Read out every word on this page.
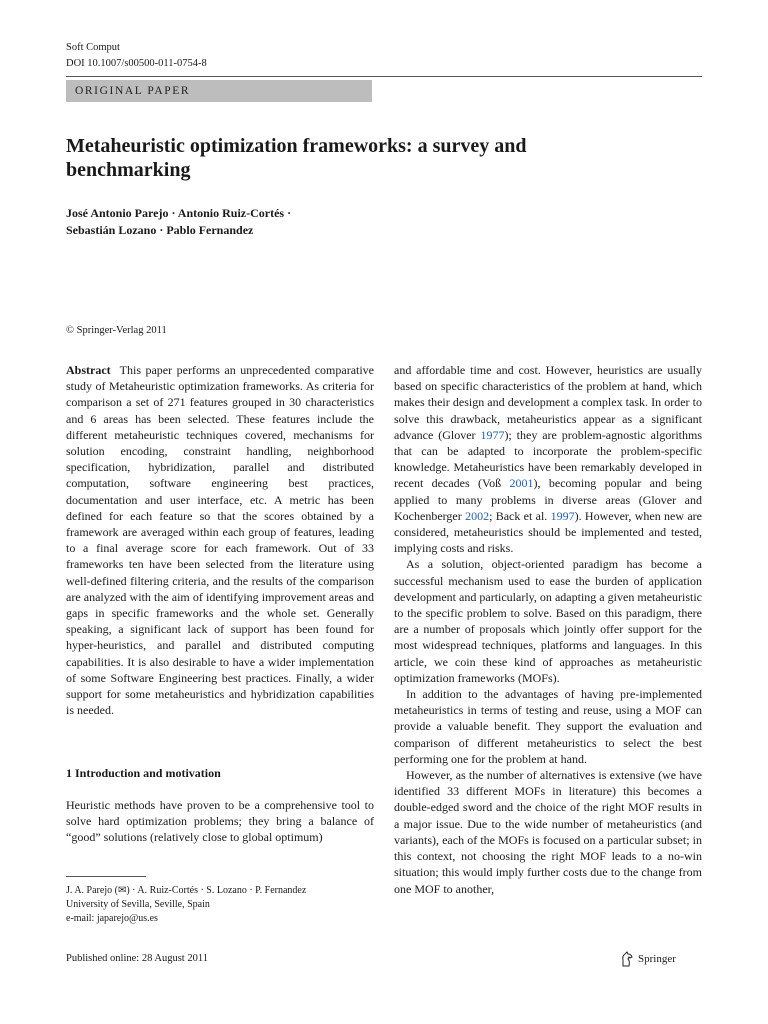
Soft Comput
DOI 10.1007/s00500-011-0754-8
ORIGINAL PAPER
Metaheuristic optimization frameworks: a survey and benchmarking
José Antonio Parejo · Antonio Ruiz-Cortés ·
Sebastián Lozano · Pablo Fernandez
© Springer-Verlag 2011

Abstract This paper performs an unprecedented comparative study of Metaheuristic optimization frameworks. As criteria for comparison a set of 271 features grouped in 30 characteristics and 6 areas has been selected. These features include the different metaheuristic techniques covered, mechanisms for solution encoding, constraint handling, neighborhood specification, hybridization, parallel and distributed computation, software engineering best practices, documentation and user interface, etc. A metric has been defined for each feature so that the scores obtained by a framework are averaged within each group of features, leading to a final average score for each framework. Out of 33 frameworks ten have been selected from the literature using well-defined filtering criteria, and the results of the comparison are analyzed with the aim of identifying improvement areas and gaps in specific frameworks and the whole set. Generally speaking, a significant lack of support has been found for hyper-heuristics, and parallel and distributed computing capabilities. It is also desirable to have a wider implementation of some Software Engineering best practices. Finally, a wider support for some metaheuristics and hybridization capabilities is needed.

1 Introduction and motivation

Heuristic methods have proven to be a comprehensive tool to solve hard optimization problems; they bring a balance of “good” solutions (relatively close to global optimum)

and affordable time and cost. However, heuristics are usually based on specific characteristics of the problem at hand, which makes their design and development a complex task. In order to solve this drawback, metaheuristics appear as a significant advance (Glover 1977); they are problem-agnostic algorithms that can be adapted to incorporate the problem-specific knowledge. Metaheuristics have been remarkably developed in recent decades (Voß 2001), becoming popular and being applied to many problems in diverse areas (Glover and Kochenberger 2002; Back et al. 1997). However, when new are considered, metaheuristics should be implemented and tested, implying costs and risks.

As a solution, object-oriented paradigm has become a successful mechanism used to ease the burden of application development and particularly, on adapting a given metaheuristic to the specific problem to solve. Based on this paradigm, there are a number of proposals which jointly offer support for the most widespread techniques, platforms and languages. In this article, we coin these kind of approaches as metaheuristic optimization frameworks (MOFs).

In addition to the advantages of having pre-implemented metaheuristics in terms of testing and reuse, using a MOF can provide a valuable benefit. They support the evaluation and comparison of different metaheuristics to select the best performing one for the problem at hand.

However, as the number of alternatives is extensive (we have identified 33 different MOFs in literature) this becomes a double-edged sword and the choice of the right MOF results in a major issue. Due to the wide number of metaheuristics (and variants), each of the MOFs is focused on a particular subset; in this context, not choosing the right MOF leads to a no-win situation; this would imply further costs due to the change from one MOF to another,

J. A. Parejo (✉) · A. Ruiz-Cortés · S. Lozano · P. Fernandez
University of Sevilla, Seville, Spain
e-mail: japarejo@us.es
Published online: 28 August 2011	Springer
